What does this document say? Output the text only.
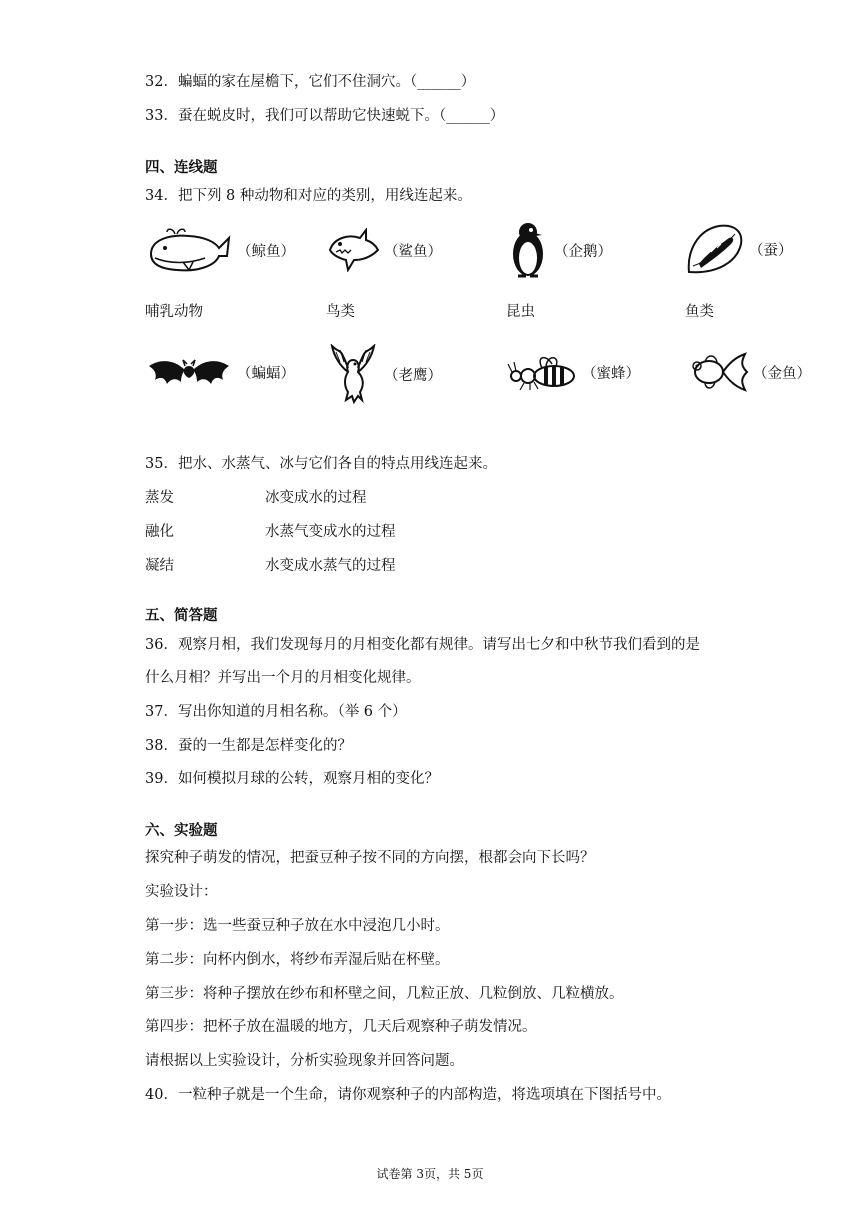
32．蝙蝠的家在屋檐下，它们不住洞穴。（______）
33．蚕在蜕皮时，我们可以帮助它快速蜕下。（______）
四、连线题
34．把下列 8 种动物和对应的类别，用线连起来。
（鲸鱼）	（鲨鱼）	（企鹅）	（蚕）
哺乳动物	鸟类	昆虫	鱼类
（蝙蝠）	（老鹰）	（蜜蜂）	（金鱼）
35．把水、水蒸气、冰与它们各自的特点用线连起来。
蒸发	冰变成水的过程
融化	水蒸气变成水的过程
凝结	水变成水蒸气的过程
五、简答题
36．观察月相，我们发现每月的月相变化都有规律。请写出七夕和中秋节我们看到的是
什么月相？并写出一个月的月相变化规律。
37．写出你知道的月相名称。（举 6 个）
38．蚕的一生都是怎样变化的？
39．如何模拟月球的公转，观察月相的变化？
六、实验题
探究种子萌发的情况，把蚕豆种子按不同的方向摆，根都会向下长吗？
实验设计：
第一步：选一些蚕豆种子放在水中浸泡几小时。
第二步：向杯内倒水，将纱布弄湿后贴在杯壁。
第三步：将种子摆放在纱布和杯壁之间，几粒正放、几粒倒放、几粒横放。
第四步：把杯子放在温暖的地方，几天后观察种子萌发情况。
请根据以上实验设计，分析实验现象并回答问题。
40．一粒种子就是一个生命，请你观察种子的内部构造，将选项填在下图括号中。
试卷第 3页，共 5页
